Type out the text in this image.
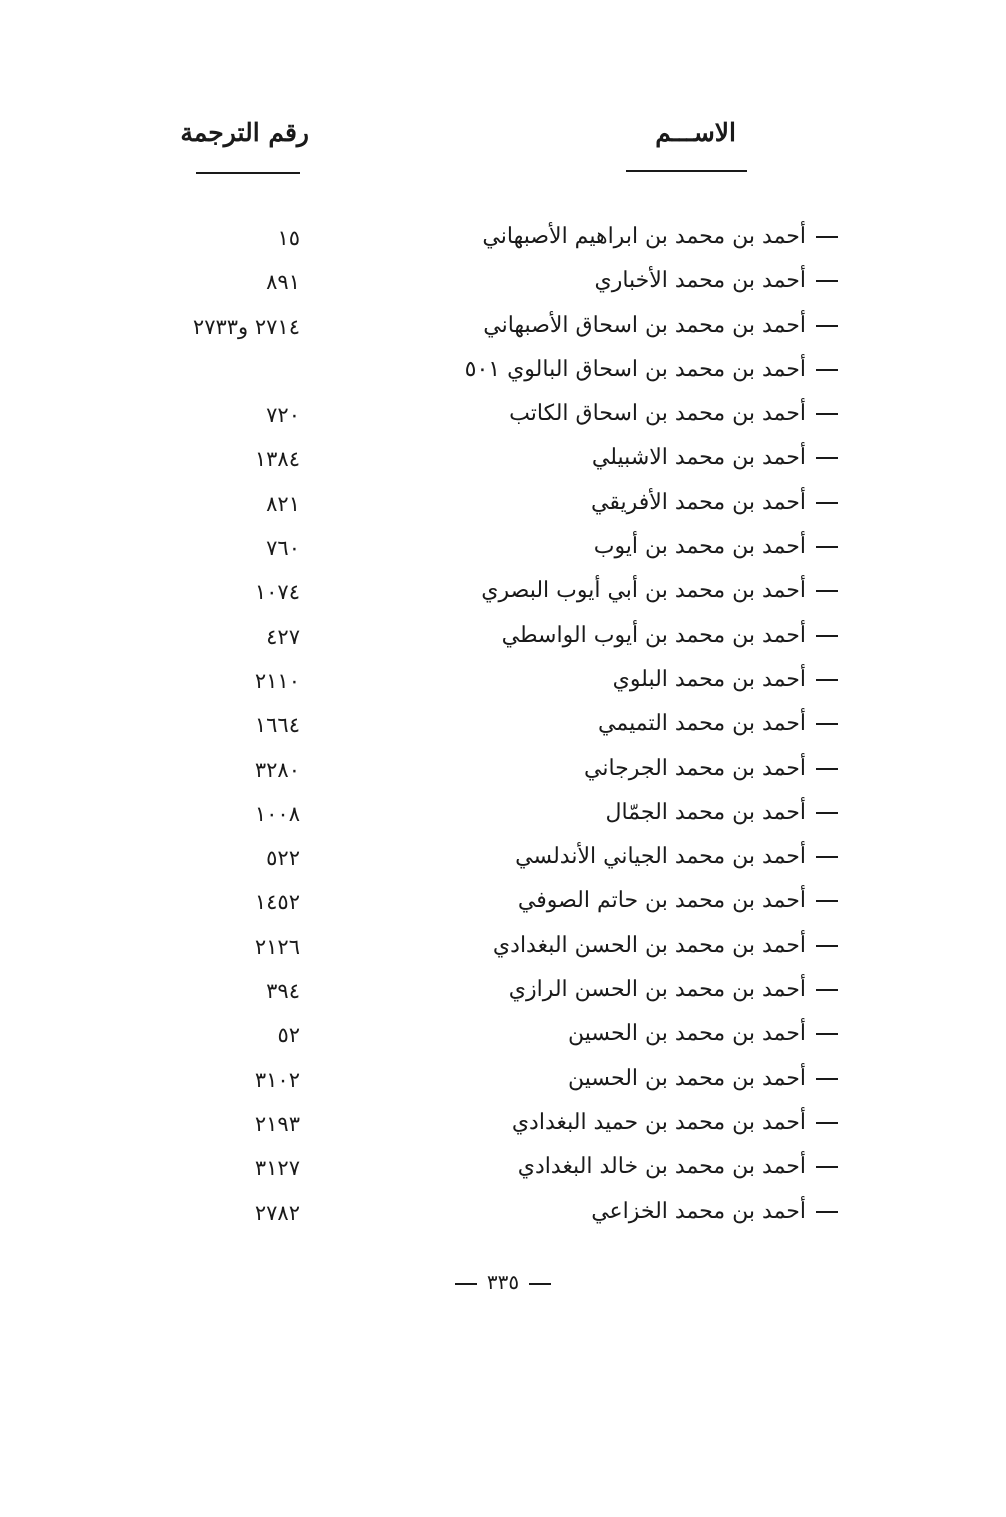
الاســـم
رقم الترجمة
أحمد بن محمد بن ابراهيم الأصبهاني
١٥
أحمد بن محمد الأخباري
٨٩١
أحمد بن محمد بن اسحاق الأصبهاني
٢٧١٤ و٢٧٣٣
أحمد بن محمد بن اسحاق البالوي ٥٠١
أحمد بن محمد بن اسحاق الكاتب
٧٢٠
أحمد بن محمد الاشبيلي
١٣٨٤
أحمد بن محمد الأفريقي
٨٢١
أحمد بن محمد بن أيوب
٧٦٠
أحمد بن محمد بن أبي أيوب البصري
١٠٧٤
أحمد بن محمد بن أيوب الواسطي
٤٢٧
أحمد بن محمد البلوي
٢١١٠
أحمد بن محمد التميمي
١٦٦٤
أحمد بن محمد الجرجاني
٣٢٨٠
أحمد بن محمد الجمّال
١٠٠٨
أحمد بن محمد الجياني الأندلسي
٥٢٢
أحمد بن محمد بن حاتم الصوفي
١٤٥٢
أحمد بن محمد بن الحسن البغدادي
٢١٢٦
أحمد بن محمد بن الحسن الرازي
٣٩٤
أحمد بن محمد بن الحسين
٥٢
أحمد بن محمد بن الحسين
٣١٠٢
أحمد بن محمد بن حميد البغدادي
٢١٩٣
أحمد بن محمد بن خالد البغدادي
٣١٢٧
أحمد بن محمد الخزاعي
٢٧٨٢
٣٣٥
